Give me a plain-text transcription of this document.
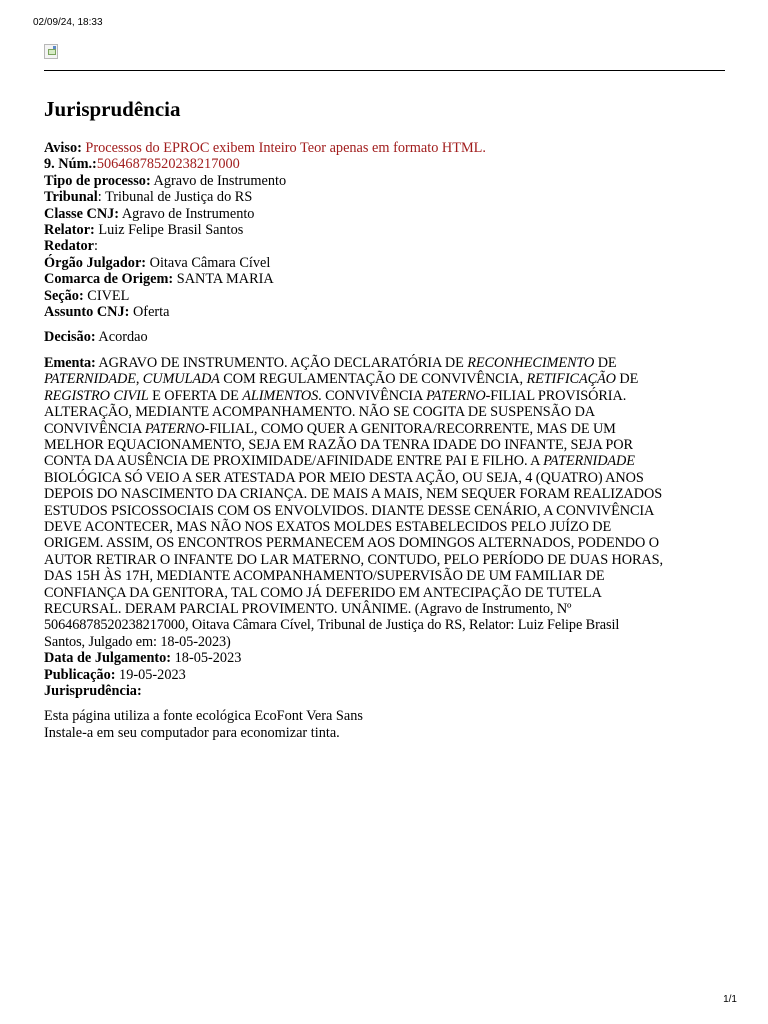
02/09/24, 18:33
Jurisprudência
Aviso: Processos do EPROC exibem Inteiro Teor apenas em formato HTML.
9. Núm.:50646878520238217000
Tipo de processo: Agravo de Instrumento
Tribunal: Tribunal de Justiça do RS
Classe CNJ: Agravo de Instrumento
Relator: Luiz Felipe Brasil Santos
Redator:
Órgão Julgador: Oitava Câmara Cível
Comarca de Origem: SANTA MARIA
Seção: CIVEL
Assunto CNJ: Oferta
Decisão: Acordao
Ementa: AGRAVO DE INSTRUMENTO. AÇÃO DECLARATÓRIA DE RECONHECIMENTO DE
PATERNIDADE, CUMULADA COM REGULAMENTAÇÃO DE CONVIVÊNCIA, RETIFICAÇÃO DE
REGISTRO CIVIL E OFERTA DE ALIMENTOS. CONVIVÊNCIA PATERNO-FILIAL PROVISÓRIA.
ALTERAÇÃO, MEDIANTE ACOMPANHAMENTO. NÃO SE COGITA DE SUSPENSÃO DA
CONVIVÊNCIA PATERNO-FILIAL, COMO QUER A GENITORA/RECORRENTE, MAS DE UM
MELHOR EQUACIONAMENTO, SEJA EM RAZÃO DA TENRA IDADE DO INFANTE, SEJA POR
CONTA DA AUSÊNCIA DE PROXIMIDADE/AFINIDADE ENTRE PAI E FILHO. A PATERNIDADE
BIOLÓGICA SÓ VEIO A SER ATESTADA POR MEIO DESTA AÇÃO, OU SEJA, 4 (QUATRO) ANOS
DEPOIS DO NASCIMENTO DA CRIANÇA. DE MAIS A MAIS, NEM SEQUER FORAM REALIZADOS
ESTUDOS PSICOSSOCIAIS COM OS ENVOLVIDOS. DIANTE DESSE CENÁRIO, A CONVIVÊNCIA
DEVE ACONTECER, MAS NÃO NOS EXATOS MOLDES ESTABELECIDOS PELO JUÍZO DE
ORIGEM. ASSIM, OS ENCONTROS PERMANECEM AOS DOMINGOS ALTERNADOS, PODENDO O
AUTOR RETIRAR O INFANTE DO LAR MATERNO, CONTUDO, PELO PERÍODO DE DUAS HORAS,
DAS 15H ÀS 17H, MEDIANTE ACOMPANHAMENTO/SUPERVISÃO DE UM FAMILIAR DE
CONFIANÇA DA GENITORA, TAL COMO JÁ DEFERIDO EM ANTECIPAÇÃO DE TUTELA
RECURSAL. DERAM PARCIAL PROVIMENTO. UNÂNIME. (Agravo de Instrumento, Nº
50646878520238217000, Oitava Câmara Cível, Tribunal de Justiça do RS, Relator: Luiz Felipe Brasil
Santos, Julgado em: 18-05-2023)
Data de Julgamento: 18-05-2023
Publicação: 19-05-2023
Jurisprudência:
Esta página utiliza a fonte ecológica EcoFont Vera Sans
Instale-a em seu computador para economizar tinta.
1/1
